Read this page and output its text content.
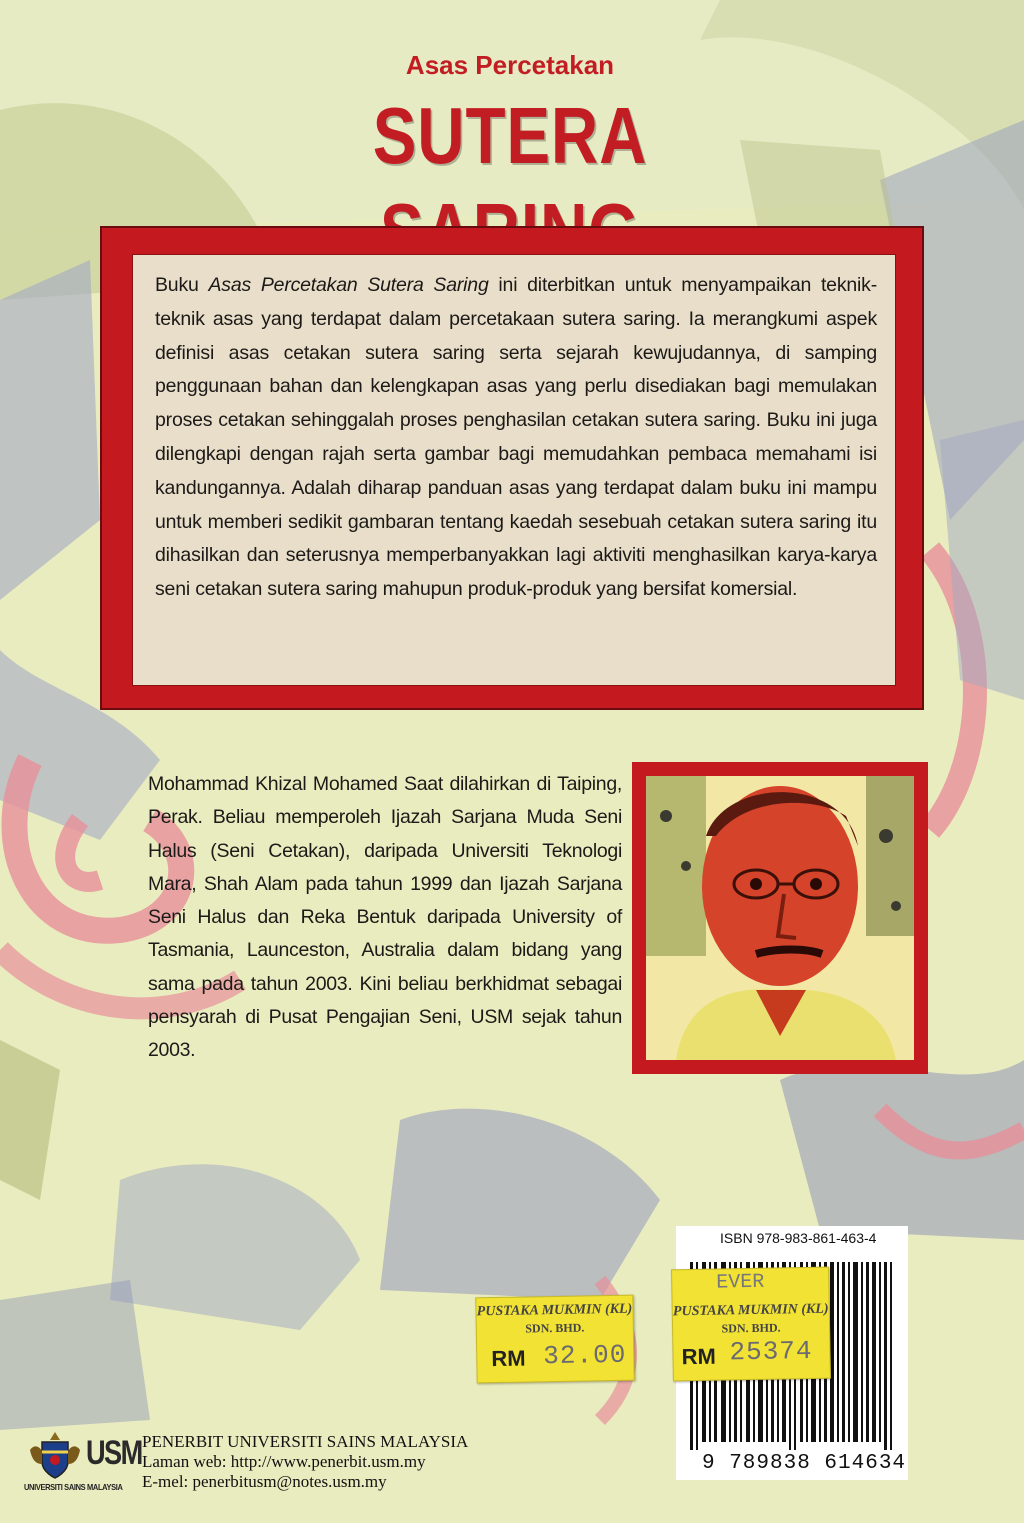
Asas Percetakan
SUTERA

Buku Asas Percetakan Sutera Saring ini diterbitkan untuk menyampaikan teknik-teknik asas yang terdapat dalam percetakaan sutera saring. Ia merangkumi aspek definisi asas cetakan sutera saring serta sejarah kewujudannya, di samping penggunaan bahan dan kelengkapan asas yang perlu disediakan bagi memulakan proses cetakan sehinggalah proses penghasilan cetakan sutera saring. Buku ini juga dilengkapi dengan rajah serta gambar bagi memudahkan pembaca memahami isi kandungannya. Adalah diharap panduan asas yang terdapat dalam buku ini mampu untuk memberi sedikit gambaran tentang kaedah sesebuah cetakan sutera saring itu dihasilkan dan seterusnya memperbanyakkan lagi aktiviti menghasilkan karya-karya seni cetakan sutera saring mahupun produk-produk yang bersifat komersial.

Mohammad Khizal Mohamed Saat dilahirkan di Taiping, Perak. Beliau memperoleh Ijazah Sarjana Muda Seni Halus (Seni Cetakan), daripada Universiti Teknologi Mara, Shah Alam pada tahun 1999 dan Ijazah Sarjana Seni Halus dan Reka Bentuk daripada University of Tasmania, Launceston, Australia dalam bidang yang sama pada tahun 2003. Kini beliau berkhidmat sebagai pensyarah di Pusat Pengajian Seni, USM sejak tahun 2003.

ISBN 978-983-861-463-4
9 789838 614634
PUSTAKA MUKMIN (KL)
SDN. BHD.
RM 32.00
EVER
PUSTAKA MUKMIN (KL)
SDN. BHD.
RM 25374
USM
UNIVERSITI SAINS MALAYSIA
PENERBIT UNIVERSITI SAINS MALAYSIA
Laman web: http://www.penerbit.usm.my
E-mel: penerbitusm@notes.usm.my
